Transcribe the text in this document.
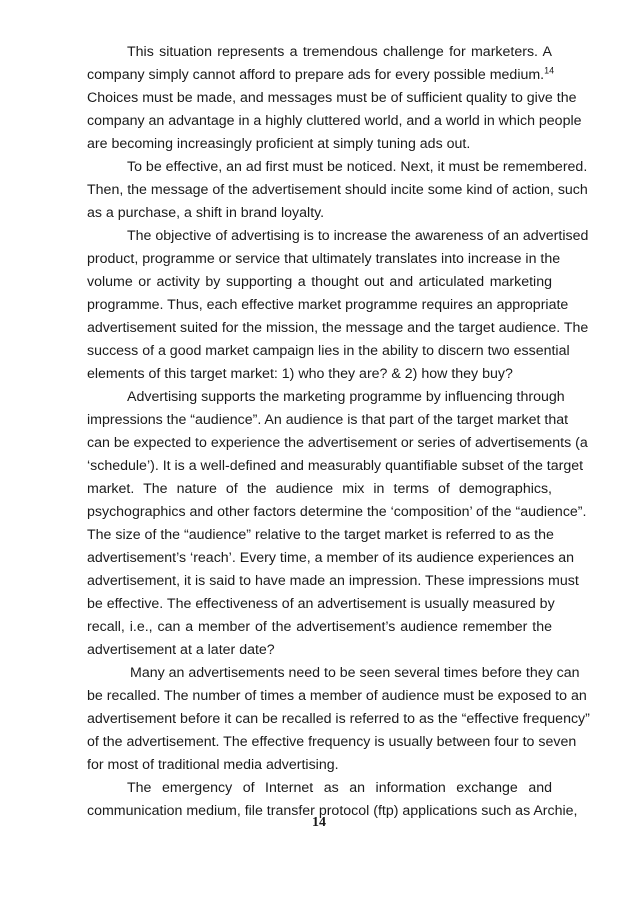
This situation represents a tremendous challenge for marketers. A
company simply cannot afford to prepare ads for every possible medium.$^{14}$
Choices must be made, and messages must be of sufficient quality to give the
company an advantage in a highly cluttered world, and a world in which people
are becoming increasingly proficient at simply tuning ads out.
To be effective, an ad first must be noticed. Next, it must be remembered.
Then, the message of the advertisement should incite some kind of action, such
as a purchase, a shift in brand loyalty.
The objective of advertising is to increase the awareness of an advertised
product, programme or service that ultimately translates into increase in the
volume or activity by supporting a thought out and articulated marketing
programme. Thus, each effective market programme requires an appropriate
advertisement suited for the mission, the message and the target audience. The
success of a good market campaign lies in the ability to discern two essential
elements of this target market: 1) who they are? & 2) how they buy?
Advertising supports the marketing programme by influencing through
impressions the “audience”. An audience is that part of the target market that
can be expected to experience the advertisement or series of advertisements (a
‘schedule’). It is a well-defined and measurably quantifiable subset of the target
market. The nature of the audience mix in terms of demographics,
psychographics and other factors determine the ‘composition’ of the “audience”.
The size of the “audience” relative to the target market is referred to as the
advertisement’s ‘reach’. Every time, a member of its audience experiences an
advertisement, it is said to have made an impression. These impressions must
be effective. The effectiveness of an advertisement is usually measured by
recall, i.e., can a member of the advertisement’s audience remember the
advertisement at a later date?
Many an advertisements need to be seen several times before they can
be recalled. The number of times a member of audience must be exposed to an
advertisement before it can be recalled is referred to as the “effective frequency”
of the advertisement. The effective frequency is usually between four to seven
for most of traditional media advertising.
The emergency of Internet as an information exchange and
communication medium, file transfer protocol (ftp) applications such as Archie,
14
